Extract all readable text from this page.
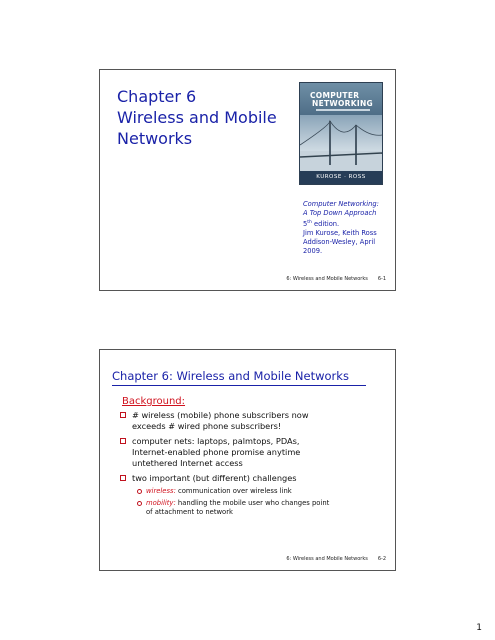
Chapter 6
Wireless and Mobile
Networks
COMPUTER
NETWORKING
KUROSE · ROSS
Computer Networking:
A Top Down Approach
5th edition.
Jim Kurose, Keith Ross
Addison-Wesley, April
2009.
6: Wireless and Mobile Networks 6-1
Chapter 6: Wireless and Mobile Networks
Background:
# wireless (mobile) phone subscribers now
exceeds # wired phone subscribers!
computer nets: laptops, palmtops, PDAs,
Internet-enabled phone promise anytime
untethered Internet access
two important (but different) challenges
wireless: communication over wireless link
mobility: handling the mobile user who changes point
of attachment to network
6: Wireless and Mobile Networks 6-2
1
